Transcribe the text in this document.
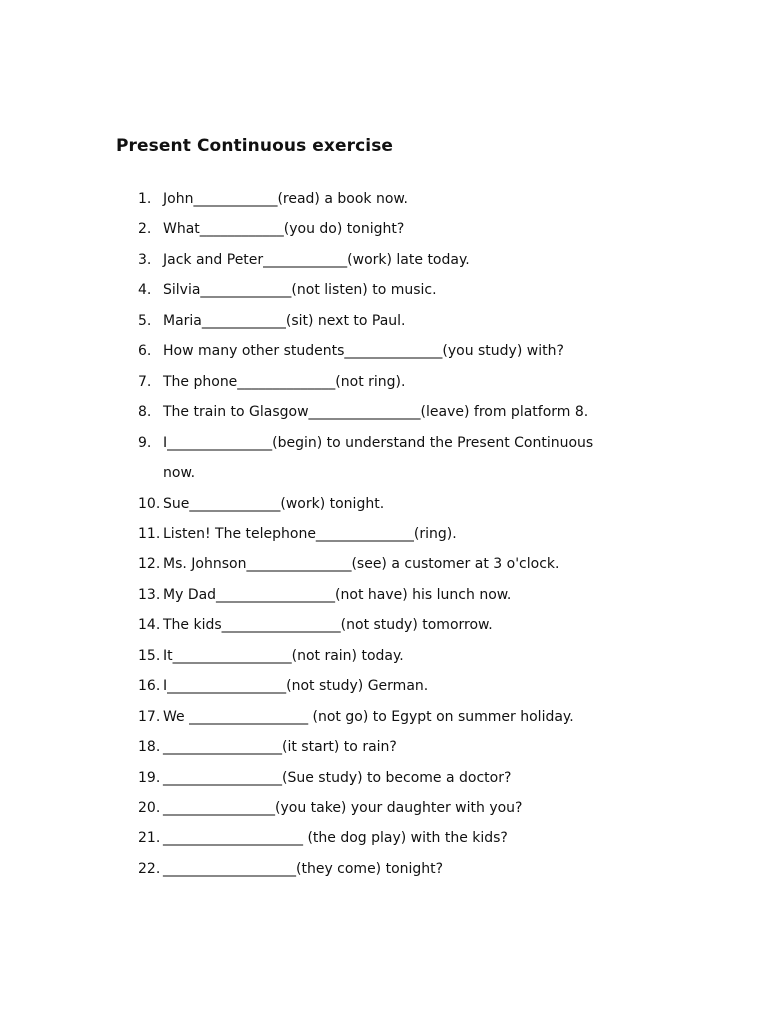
Present Continuous exercise
1. John____________(read) a book now.
2. What____________(you do) tonight?
3. Jack and Peter____________(work) late today.
4. Silvia_____________(not listen) to music.
5. Maria____________(sit) next to Paul.
6. How many other students______________(you study) with?
7. The phone______________(not ring).
8. The train to Glasgow________________(leave) from platform 8.
9. I_______________(begin) to understand the Present Continuous
now.
10. Sue_____________(work) tonight.
11. Listen! The telephone______________(ring).
12. Ms. Johnson_______________(see) a customer at 3 o'clock.
13. My Dad_________________(not have) his lunch now.
14. The kids_________________(not study) tomorrow.
15. It_________________(not rain) today.
16. I_________________(not study) German.
17. We _________________ (not go) to Egypt on summer holiday.
18. _________________(it start) to rain?
19. _________________(Sue study) to become a doctor?
20. ________________(you take) your daughter with you?
21. ____________________ (the dog play) with the kids?
22. ___________________(they come) tonight?
